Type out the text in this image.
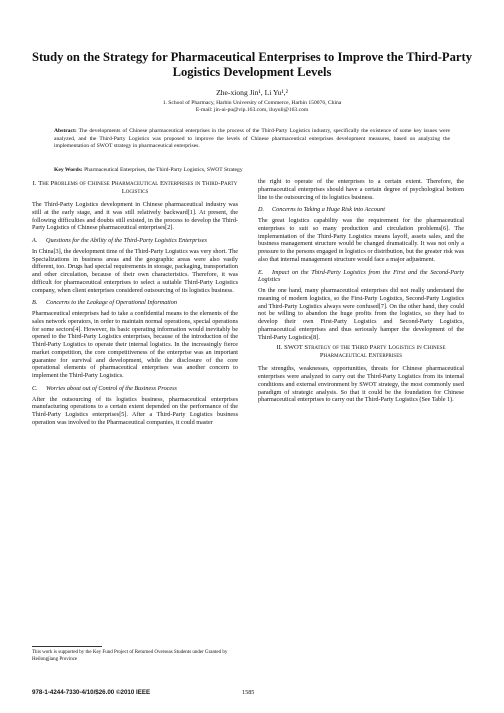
Study on the Strategy for Pharmaceutical Enterprises to Improve the Third-Party Logistics Development Levels
Zhe-xiong Jin¹, Li Yu¹,²
1. School of Pharmacy, Harbin University of Commerce, Harbin 150076, China
E-mail: jin-ai-pu@vip.163.com, iluyuli@163.com
Abstract: The developments of Chinese pharmaceutical enterprises in the process of the Third-Party Logistics industry, specifically the existence of some key issues were analyzed, and the Third-Party Logistics was proposed to improve the levels of Chinese pharmaceutical enterprises development measures, based on analyzing the implementation of SWOT strategy in pharmaceutical enterprises.
Key Words: Pharmaceutical Enterprises, the Third-Party Logistics, SWOT Strategy
I. The Problems of Chinese Pharmaceutical Enterprises in Third-Party Logistics

The Third-Party Logistics development in Chinese pharmaceutical industry was still at the early stage, and it was still relatively backward[1]. At present, the following difficulties and doubts still existed, in the process to develop the Third-Party Logistics of Chinese pharmaceutical enterprises[2].

A. Questions for the Ability of the Third-Party Logistics Enterprises

In China[3], the development time of the Third-Party Logistics was very short. The Specializations in business areas and the geographic areas were also vastly different, too. Drugs had special requirements in storage, packaging, transportation and other circulation, because of their own characteristics. Therefore, it was difficult for pharmaceutical enterprises to select a suitable Third-Party Logistics company, when client enterprises considered outsourcing of its logistics business.

B. Concerns to the Leakage of Operational Information

Pharmaceutical enterprises had to take a confidential means to the elements of the sales network operators, in order to maintain normal operations, special operations for some sectors[4]. However, its basic operating information would inevitably be opened to the Third-Party Logistics enterprises, because of the introduction of the Third-Party Logistics to operate their internal logistics. In the increasingly fierce market competition, the core competitiveness of the enterprise was an important guarantee for survival and development, while the disclosure of the core operational elements of pharmaceutical enterprises was another concern to implement the Third-Party Logistics.

C. Worries about out of Control of the Business Process

After the outsourcing of its logistics business, pharmaceutical enterprises manufacturing operations to a certain extent depended on the performance of the Third-Party Logistics enterprises[5]. After a Third-Party Logistics business operation was involved to the Pharmaceutical companies, it could master

the right to operate of the enterprises to a certain extent. Therefore, the pharmaceutical enterprises should have a certain degree of psychological bottom line to the outsourcing of its logistics business.

D. Concerns to Taking a Huge Risk into Account

The great logistics capability was the requirement for the pharmaceutical enterprises to suit so many production and circulation problems[6]. The implementation of the Third-Party Logistics means layoff, assets sales, and the business management structure would be changed dramatically. It was not only a pressure to the persons engaged in logistics or distribution, but the greater risk was also that internal management structure would face a major adjustment.

E. Impact on the Third-Party Logistics from the First and the Second-Party Logistics

On the one hand, many pharmaceutical enterprises did not really understand the meaning of modern logistics, so the First-Party Logistics, Second-Party Logistics and Third-Party Logistics always were confused[7]. On the other hand, they could not be willing to abandon the huge profits from the logistics, so they had to develop their own First-Party Logistics and Second-Party Logistics, pharmaceutical enterprises and thus seriously hamper the development of the Third-Party Logistics[8].

II. SWOT Strategy of the Third Party Logistics in Chinese Pharmaceutical Enterprises

The strengths, weaknesses, opportunities, threats for Chinese pharmaceutical enterprises were analyzed to carry out the Third-Party Logistics from its internal conditions and external environment by SWOT strategy, the most commonly used paradigm of strategic analysis. So that it could be the foundation for Chinese pharmaceutical enterprises to carry out the Third-Party Logistics (See Table 1).

This work is supported by the Key Fund Project of Returned Overseas Students under Granted by Heilongjiang Province
978-1-4244-7330-4/10/$26.00 ©2010 IEEE	1585
